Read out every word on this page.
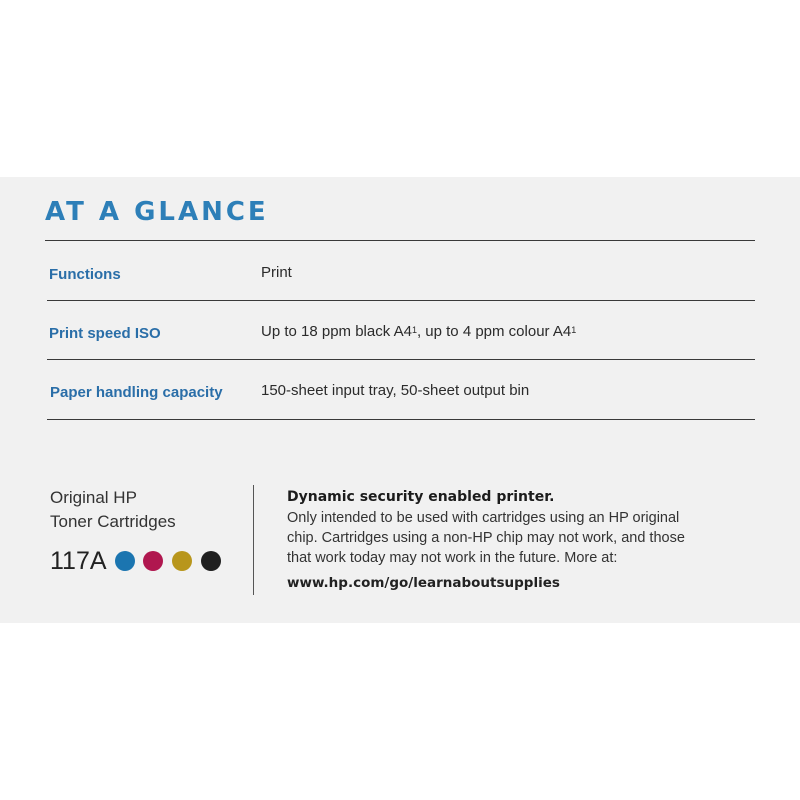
AT A GLANCE
Functions	Print
Print speed ISO	Up to 18 ppm black $A4^1$, up to 4 ppm colour $A4^1$
Paper handling capacity	150-sheet input tray, 50-sheet output bin
Original HP
Toner Cartridges
117A
Dynamic security enabled printer.
Only intended to be used with cartridges using an HP original
chip. Cartridges using a non-HP chip may not work, and those
that work today may not work in the future. More at:
www.hp.com/go/learnaboutsupplies
